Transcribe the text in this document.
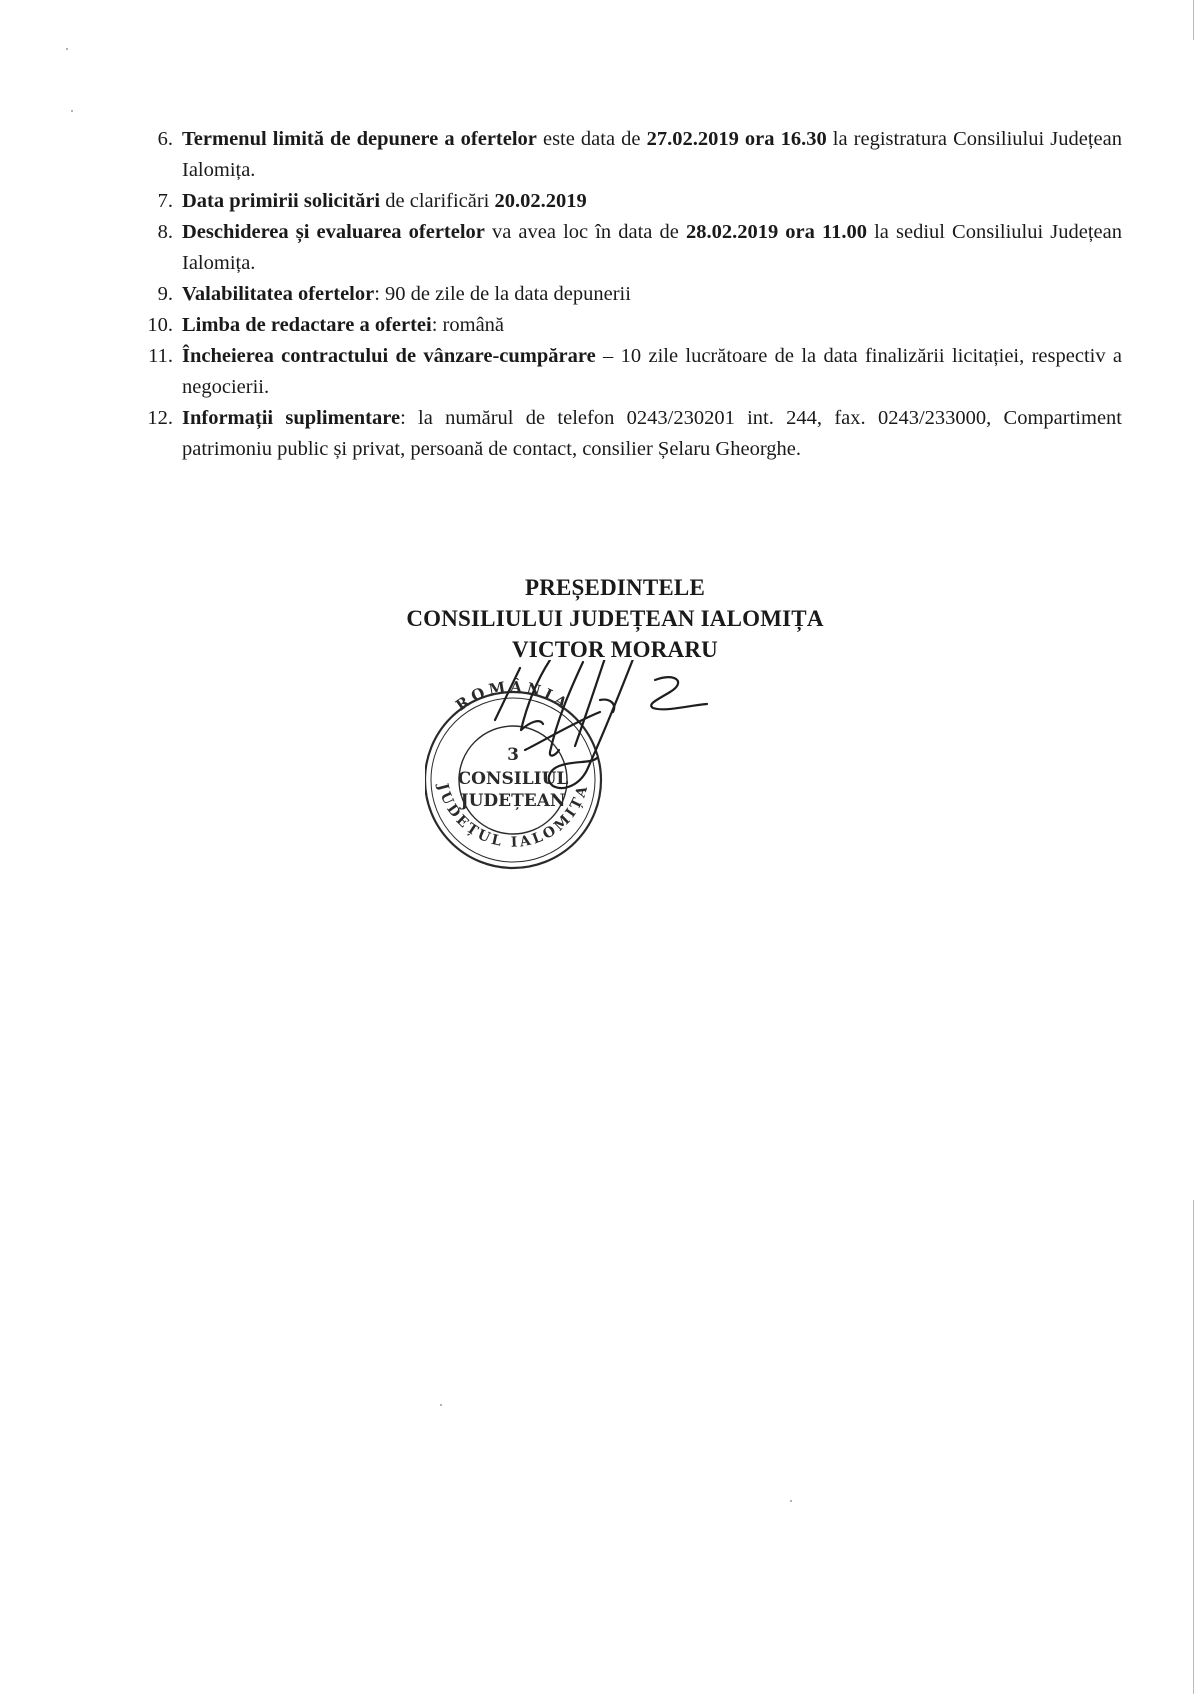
6. Termenul limită de depunere a ofertelor este data de 27.02.2019 ora 16.30 la registratura Consiliului Județean Ialomița.
7. Data primirii solicitări de clarificări 20.02.2019
8. Deschiderea și evaluarea ofertelor va avea loc în data de 28.02.2019 ora 11.00 la sediul Consiliului Județean Ialomița.
9. Valabilitatea ofertelor: 90 de zile de la data depunerii
10. Limba de redactare a ofertei: română
11. Încheierea contractului de vânzare-cumpărare – 10 zile lucrătoare de la data finalizării licitației, respectiv a negocierii.
12. Informații suplimentare: la numărul de telefon 0243/230201 int. 244, fax. 0243/233000, Compartiment patrimoniu public și privat, persoană de contact, consilier Șelaru Gheorghe.
PREȘEDINTELE
CONSILIULUI JUDEȚEAN IALOMIȚA
VICTOR MORARU
ROMÂNIA
3
CONSILIUL
JUDEȚEAN
JUDEȚUL IALOMIȚA
